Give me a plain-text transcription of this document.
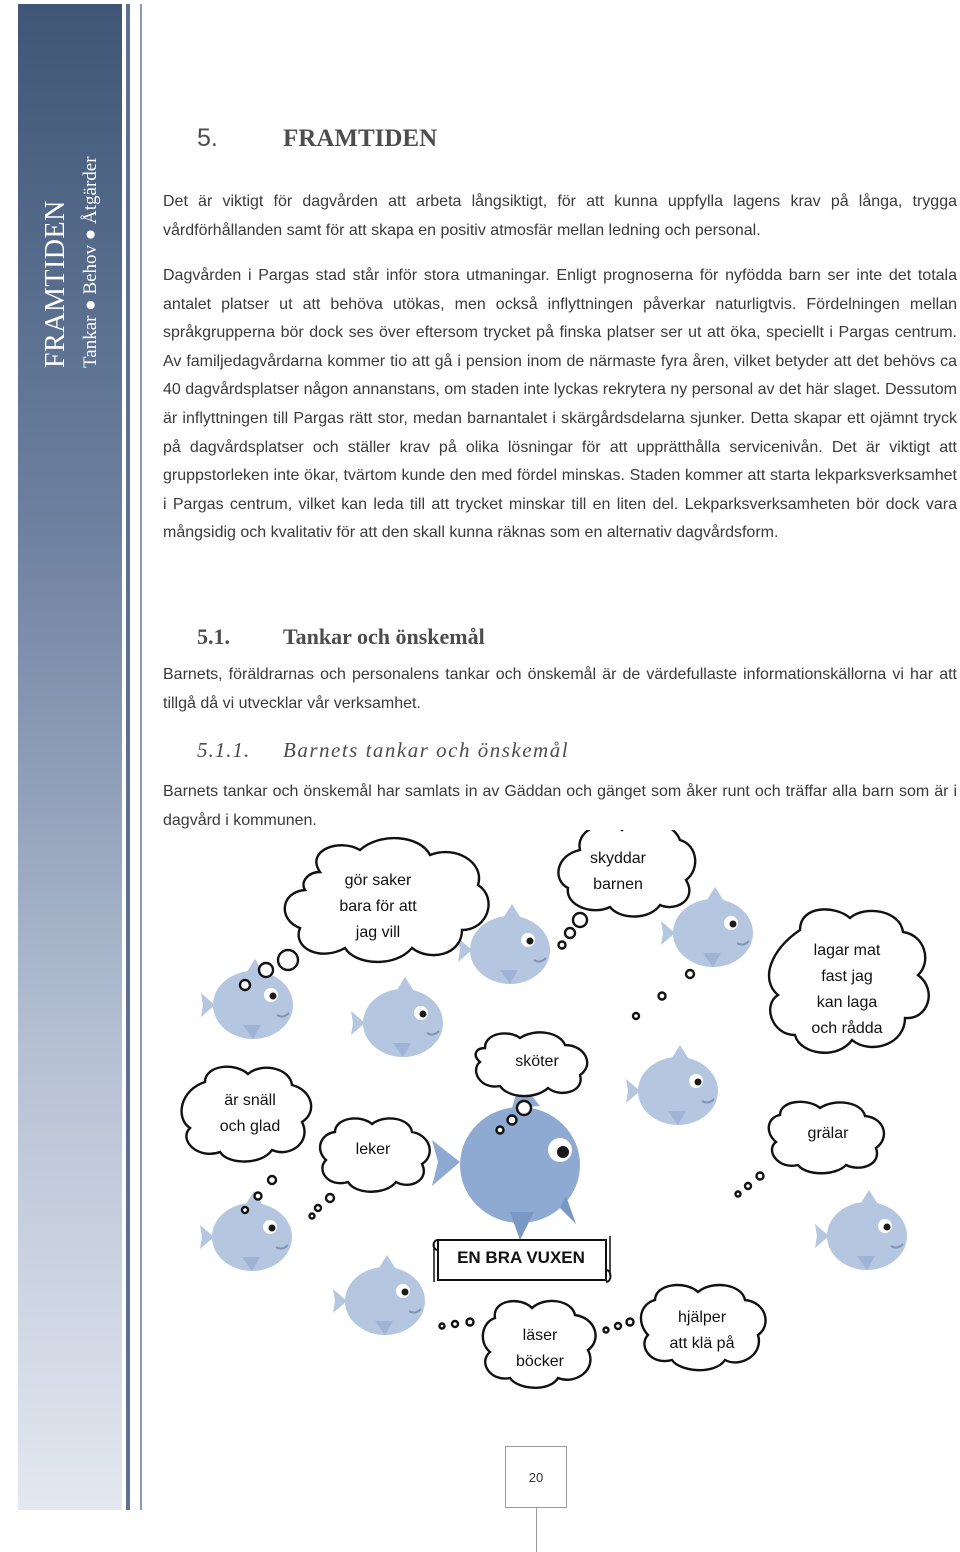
FRAMTIDEN Tankar ● Behov ● Åtgärder
5.	FRAMTIDEN

Det är viktigt för dagvården att arbeta långsiktigt, för att kunna uppfylla lagens krav på långa, trygga vårdförhållanden samt för att skapa en positiv atmosfär mellan ledning och personal.

Dagvården i Pargas stad står inför stora utmaningar. Enligt prognoserna för nyfödda barn ser inte det totala antalet platser ut att behöva utökas, men också inflyttningen påverkar naturligtvis. Fördelningen mellan språkgrupperna bör dock ses över eftersom trycket på finska platser ser ut att öka, speciellt i Pargas centrum. Av familjedagvårdarna kommer tio att gå i pension inom de närmaste fyra åren, vilket betyder att det behövs ca 40 dagvårdsplatser någon annanstans, om staden inte lyckas rekrytera ny personal av det här slaget. Dessutom är inflyttningen till Pargas rätt stor, medan barnantalet i skärgårdsdelarna sjunker. Detta skapar ett ojämnt tryck på dagvårdsplatser och ställer krav på olika lösningar för att upprätthålla servicenivån. Det är viktigt att gruppstorleken inte ökar, tvärtom kunde den med fördel minskas. Staden kommer att starta lekparksverksamhet i Pargas centrum, vilket kan leda till att trycket minskar till en liten del. Lekparksverksamheten bör dock vara mångsidig och kvalitativ för att den skall kunna räknas som en alternativ dagvårdsform.

5.1. Tankar och önskemål

Barnets, föräldrarnas och personalens tankar och önskemål är de värdefullaste informationskällorna vi har att tillgå då vi utvecklar vår verksamhet.

5.1.1. Barnets tankar och önskemål

Barnets tankar och önskemål har samlats in av Gäddan och gänget som åker runt och träffar alla barn som är i dagvård i kommunen.

gör saker
bara för att
jag vill
skyddar
barnen
lagar mat
fast jag
kan laga
och rådda
sköter
är snäll
och glad
leker
grälar
läser
böcker
hjälper
att klä på
EN BRA VUXEN
20
